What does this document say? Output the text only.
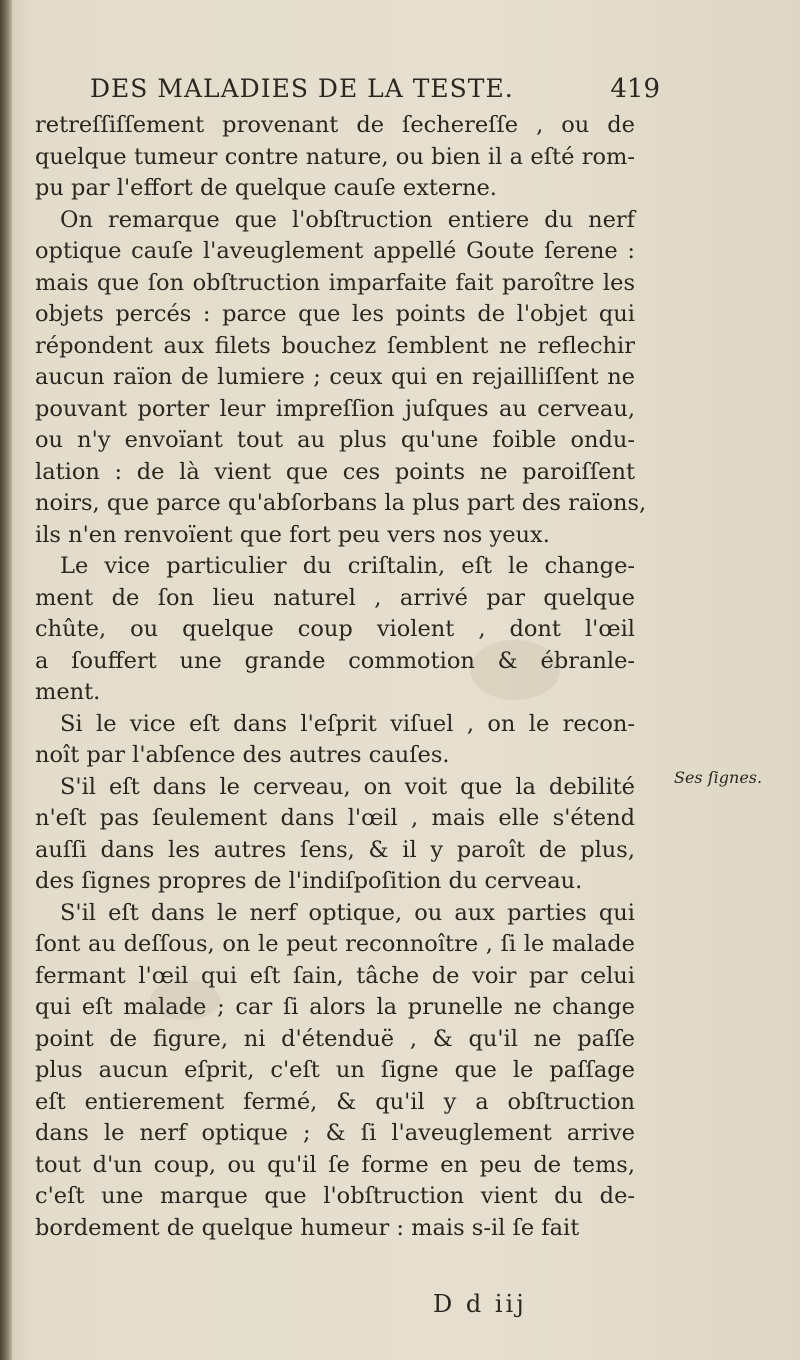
DES MALADIES DE LA TESTE.	419
retreſſiſſement provenant de ſechereſſe , ou de
quelque tumeur contre nature, ou bien il a eſté rom-
pu par l'effort de quelque cauſe externe.
On remarque que l'obſtruction entiere du nerf
optique cauſe l'aveuglement appellé Goute ſerene :
mais que ſon obſtruction imparfaite fait paroître les
objets percés : parce que les points de l'objet qui
répondent aux filets bouchez ſemblent ne reflechir
aucun raïon de lumiere ; ceux qui en rejailliſſent ne
pouvant porter leur impreſſion juſques au cerveau,
ou n'y envoïant tout au plus qu'une foible ondu-
lation : de là vient que ces points ne paroiſſent
noirs, que parce qu'abſorbans la plus part des raïons,
ils n'en renvoïent que fort peu vers nos yeux.
Le vice particulier du criſtalin, eſt le change-
ment de ſon lieu naturel , arrivé par quelque
chûte, ou quelque coup violent , dont l'œil
a ſouffert une grande commotion & ébranle-
ment.
Si le vice eſt dans l'eſprit viſuel , on le recon-
noît par l'abſence des autres cauſes.
S'il eſt dans le cerveau, on voit que la debilité
n'eſt pas ſeulement dans l'œil , mais elle s'étend
auſſi dans les autres ſens, & il y paroît de plus,
des ſignes propres de l'indiſpoſition du cerveau.
S'il eſt dans le nerf optique, ou aux parties qui
ſont au deſſous, on le peut reconnoître , ſi le malade
fermant l'œil qui eſt ſain, tâche de voir par celui
qui eſt malade ; car ſi alors la prunelle ne change
point de figure, ni d'étenduë , & qu'il ne paſſe
plus aucun eſprit, c'eſt un ſigne que le paſſage
eſt entierement fermé, & qu'il y a obſtruction
dans le nerf optique ; & ſi l'aveuglement arrive
tout d'un coup, ou qu'il ſe forme en peu de tems,
c'eſt une marque que l'obſtruction vient du de-
bordement de quelque humeur : mais s-il ſe fait
Ses ſignes.
D d iij
